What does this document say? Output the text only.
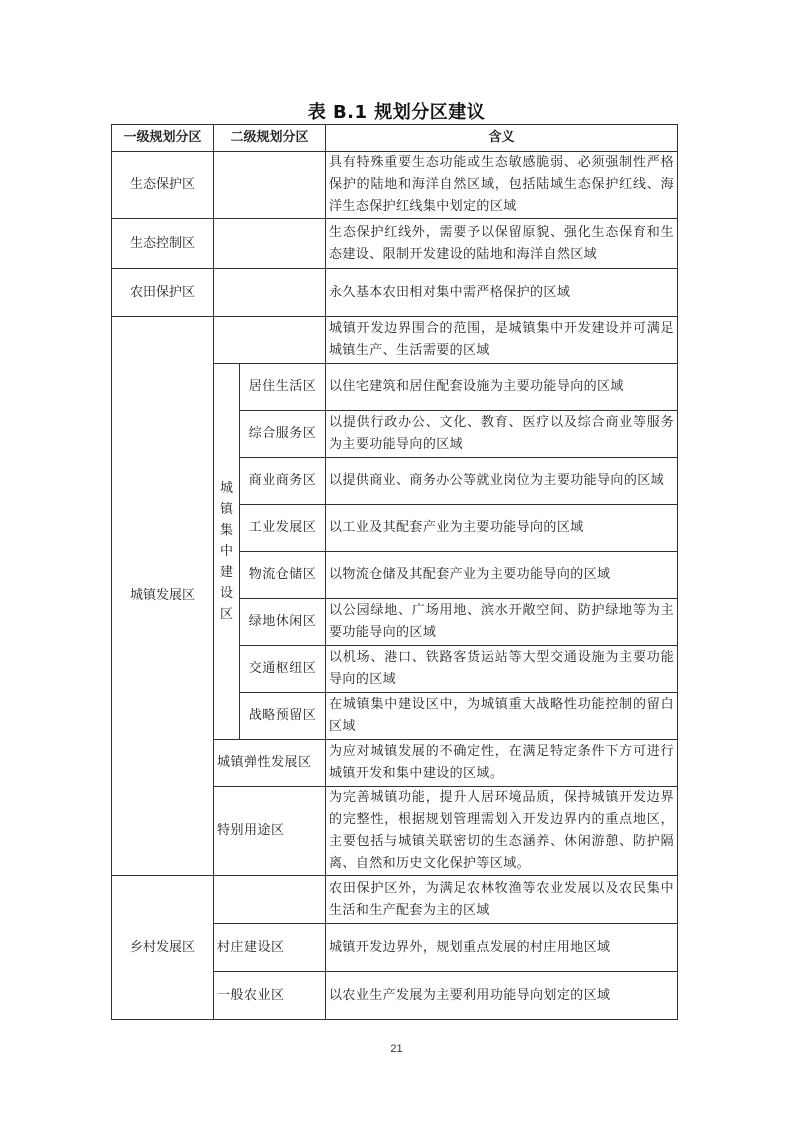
表 B.1 规划分区建议
一级规划分区	二级规划分区		含义
生态保护区			具有特殊重要生态功能或生态敏感脆弱、必须强制性严格保护的陆地和海洋自然区域，包括陆域生态保护红线、海洋生态保护红线集中划定的区域
生态控制区			生态保护红线外，需要予以保留原貌、强化生态保育和生态建设、限制开发建设的陆地和海洋自然区域
农田保护区			永久基本农田相对集中需严格保护的区域
城镇发展区			城镇开发边界围合的范围，是城镇集中开发建设并可满足城镇生产、生活需要的区域
	城镇集中建设区	居住生活区	以住宅建筑和居住配套设施为主要功能导向的区域
		综合服务区	以提供行政办公、文化、教育、医疗以及综合商业等服务为主要功能导向的区域
		商业商务区	以提供商业、商务办公等就业岗位为主要功能导向的区域
		工业发展区	以工业及其配套产业为主要功能导向的区域
		物流仓储区	以物流仓储及其配套产业为主要功能导向的区域
		绿地休闲区	以公园绿地、广场用地、滨水开敞空间、防护绿地等为主要功能导向的区域
		交通枢纽区	以机场、港口、铁路客货运站等大型交通设施为主要功能导向的区域
		战略预留区	在城镇集中建设区中，为城镇重大战略性功能控制的留白区域
	城镇弹性发展区		为应对城镇发展的不确定性，在满足特定条件下方可进行城镇开发和集中建设的区域。
	特别用途区		为完善城镇功能，提升人居环境品质，保持城镇开发边界的完整性，根据规划管理需划入开发边界内的重点地区，主要包括与城镇关联密切的生态涵养、休闲游憩、防护隔离、自然和历史文化保护等区域。
乡村发展区			农田保护区外，为满足农林牧渔等农业发展以及农民集中生活和生产配套为主的区域
	村庄建设区		城镇开发边界外，规划重点发展的村庄用地区域
	一般农业区		以农业生产发展为主要利用功能导向划定的区域
21
